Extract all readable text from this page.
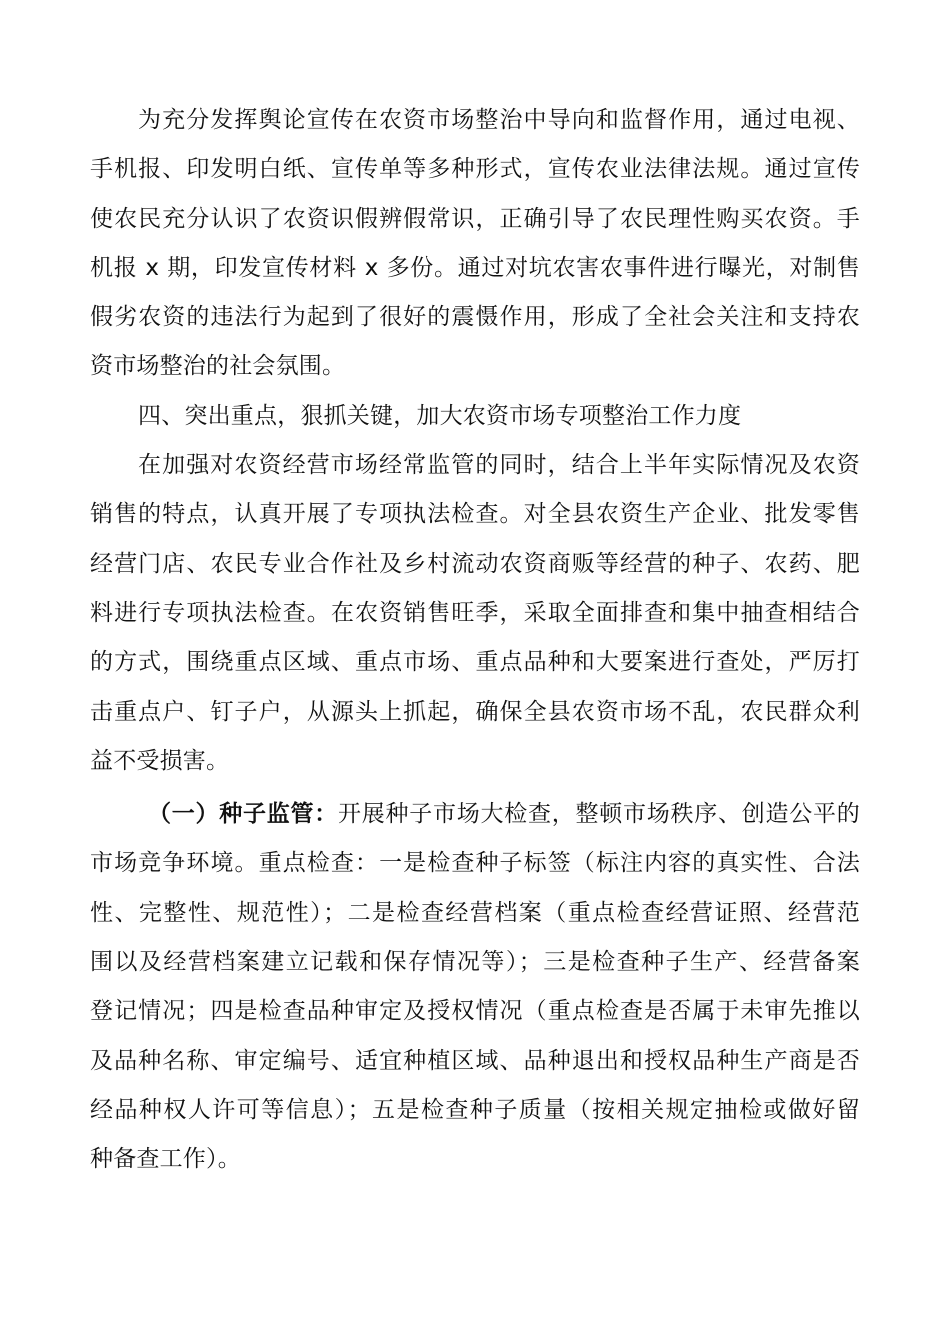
为充分发挥舆论宣传在农资市场整治中导向和监督作用，通过电视、
手机报、印发明白纸、宣传单等多种形式，宣传农业法律法规。通过宣传
使农民充分认识了农资识假辨假常识，正确引导了农民理性购买农资。手
机报 x 期，印发宣传材料 x 多份。通过对坑农害农事件进行曝光，对制售
假劣农资的违法行为起到了很好的震慑作用，形成了全社会关注和支持农
资市场整治的社会氛围。
四、突出重点，狠抓关键，加大农资市场专项整治工作力度
在加强对农资经营市场经常监管的同时，结合上半年实际情况及农资
销售的特点，认真开展了专项执法检查。对全县农资生产企业、批发零售
经营门店、农民专业合作社及乡村流动农资商贩等经营的种子、农药、肥
料进行专项执法检查。在农资销售旺季，采取全面排查和集中抽查相结合
的方式，围绕重点区域、重点市场、重点品种和大要案进行查处，严厉打
击重点户、钉子户，从源头上抓起，确保全县农资市场不乱，农民群众利
益不受损害。
（一）种子监管：开展种子市场大检查，整顿市场秩序、创造公平的
市场竞争环境。重点检查：一是检查种子标签（标注内容的真实性、合法
性、完整性、规范性）；二是检查经营档案（重点检查经营证照、经营范
围以及经营档案建立记载和保存情况等）；三是检查种子生产、经营备案
登记情况；四是检查品种审定及授权情况（重点检查是否属于未审先推以
及品种名称、审定编号、适宜种植区域、品种退出和授权品种生产商是否
经品种权人许可等信息）；五是检查种子质量（按相关规定抽检或做好留
种备查工作）。
